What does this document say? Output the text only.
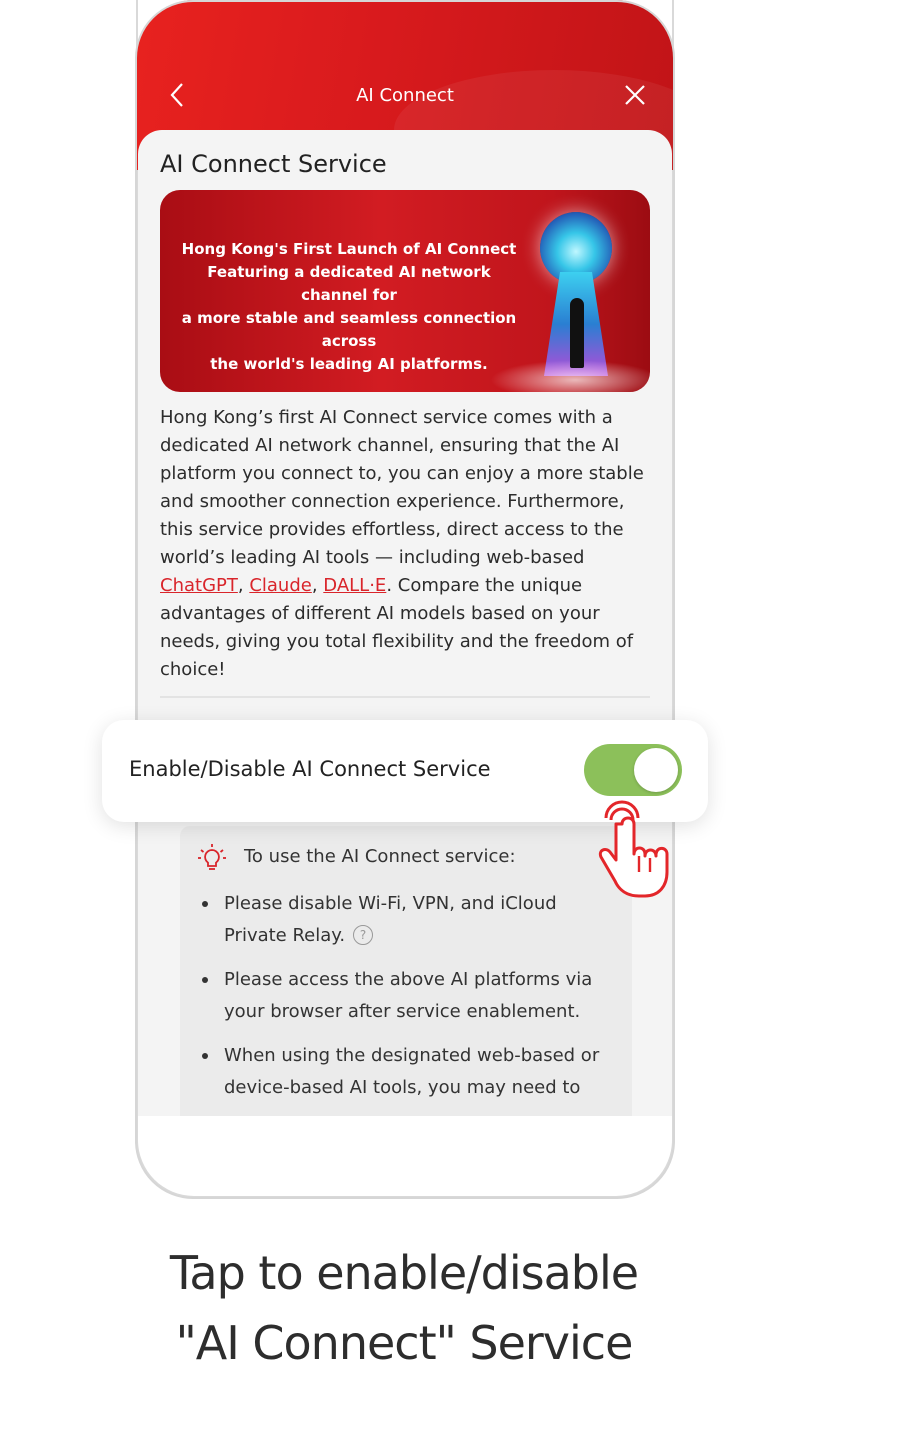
AI Connect
AI Connect Service
Hong Kong's First Launch of AI Connect
Featuring a dedicated AI network channel for
a more stable and seamless connection across
the world's leading AI platforms.
Hong Kong’s first AI Connect service comes with a dedicated AI network channel, ensuring that the AI platform you connect to, you can enjoy a more stable and smoother connection experience. Furthermore, this service provides effortless, direct access to the world’s leading AI tools — including web-based ChatGPT, Claude, DALL·E. Compare the unique advantages of different AI models based on your needs, giving you total flexibility and the freedom of choice!
To use the AI Connect service:
Please disable Wi-Fi, VPN, and iCloud Private Relay. ?
Please access the above AI platforms via your browser after service enablement.
When using the designated web-based or device-based AI tools, you may need to
Enable/Disable AI Connect Service
Tap to enable/disable
"AI Connect" Service
